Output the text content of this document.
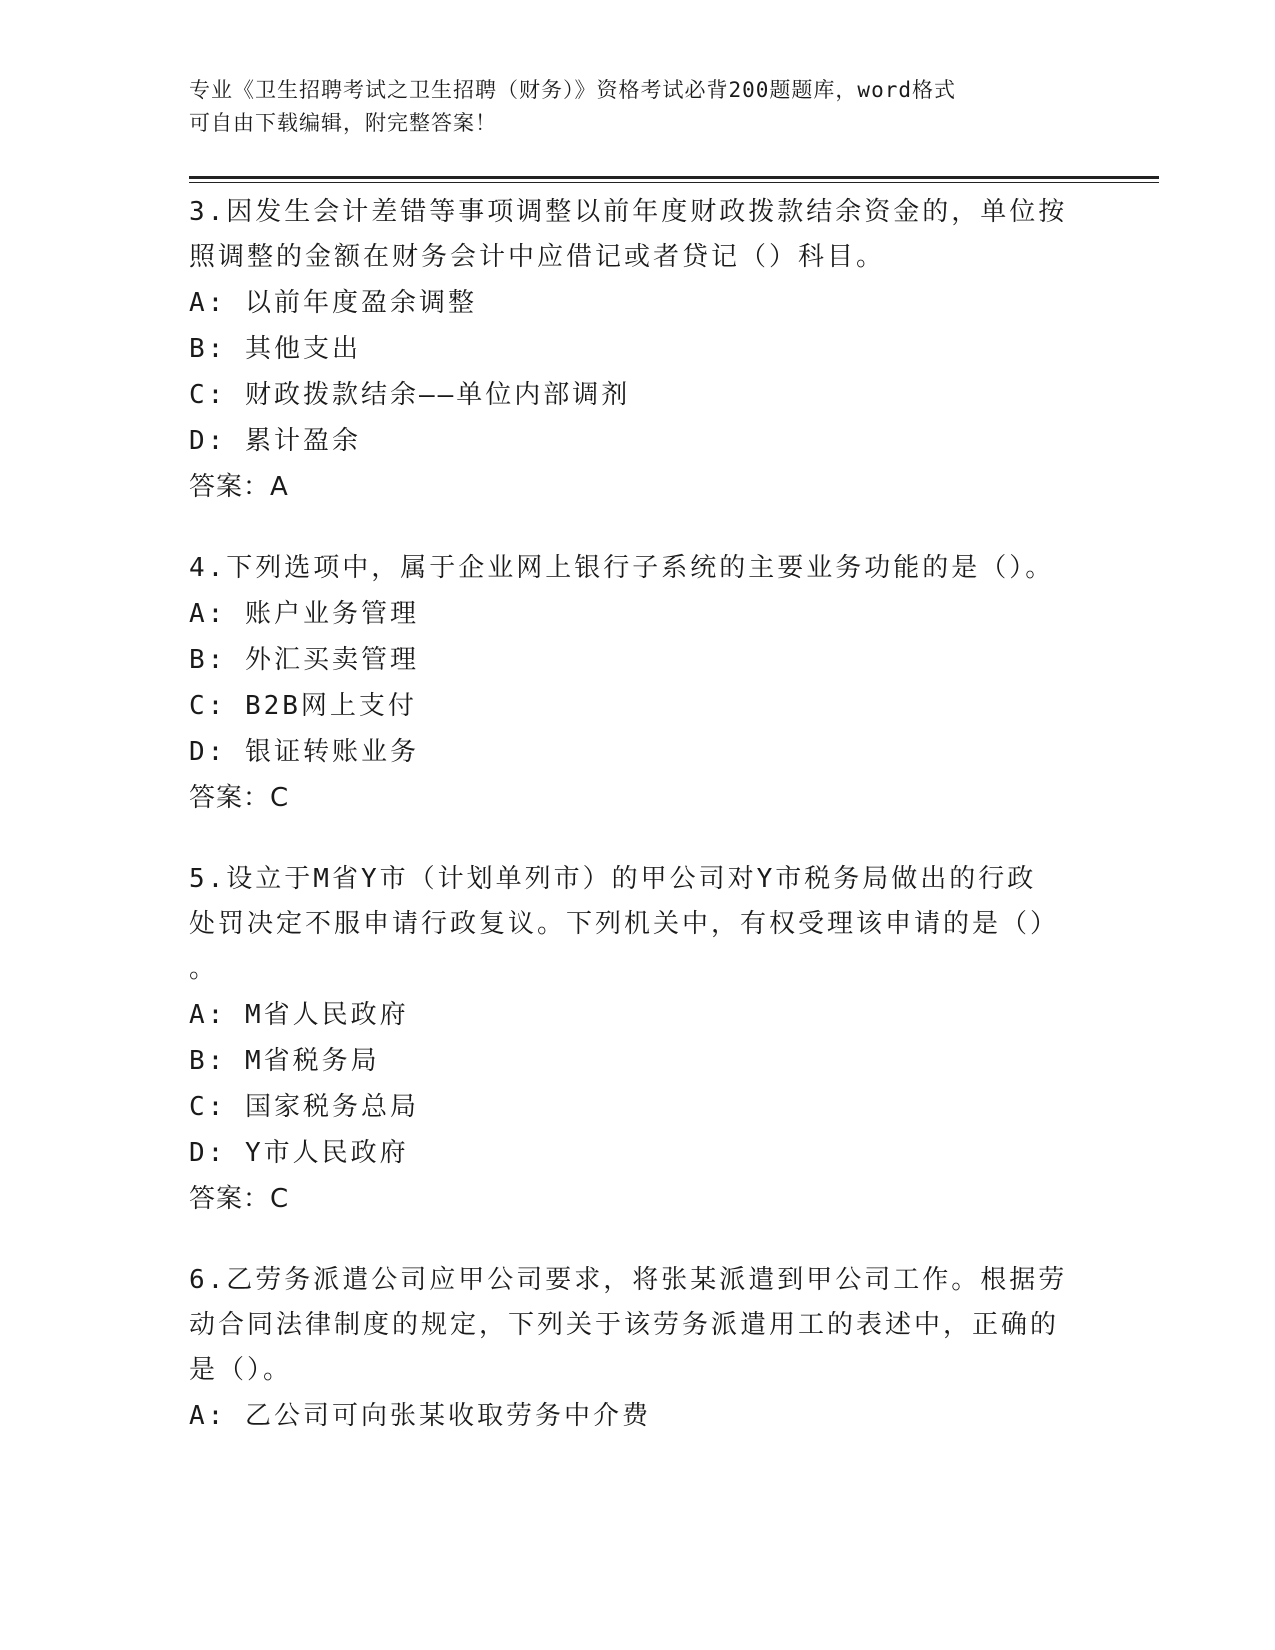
专业《卫生招聘考试之卫生招聘（财务）》资格考试必背200题题库，word格式
可自由下载编辑，附完整答案！

3.因发生会计差错等事项调整以前年度财政拨款结余资金的，单位按

照调整的金额在财务会计中应借记或者贷记（）科目。

A: 以前年度盈余调整

B: 其他支出

C: 财政拨款结余——单位内部调剂

D: 累计盈余

答案：A

4.下列选项中，属于企业网上银行子系统的主要业务功能的是（）。

A: 账户业务管理

B: 外汇买卖管理

C: B2B网上支付

D: 银证转账业务

答案：C

5.设立于M省Y市（计划单列市）的甲公司对Y市税务局做出的行政

处罚决定不服申请行政复议。下列机关中，有权受理该申请的是（）

。

A: M省人民政府

B: M省税务局

C: 国家税务总局

D: Y市人民政府

答案：C

6.乙劳务派遣公司应甲公司要求，将张某派遣到甲公司工作。根据劳

动合同法律制度的规定，下列关于该劳务派遣用工的表述中，正确的

是（）。

A: 乙公司可向张某收取劳务中介费
